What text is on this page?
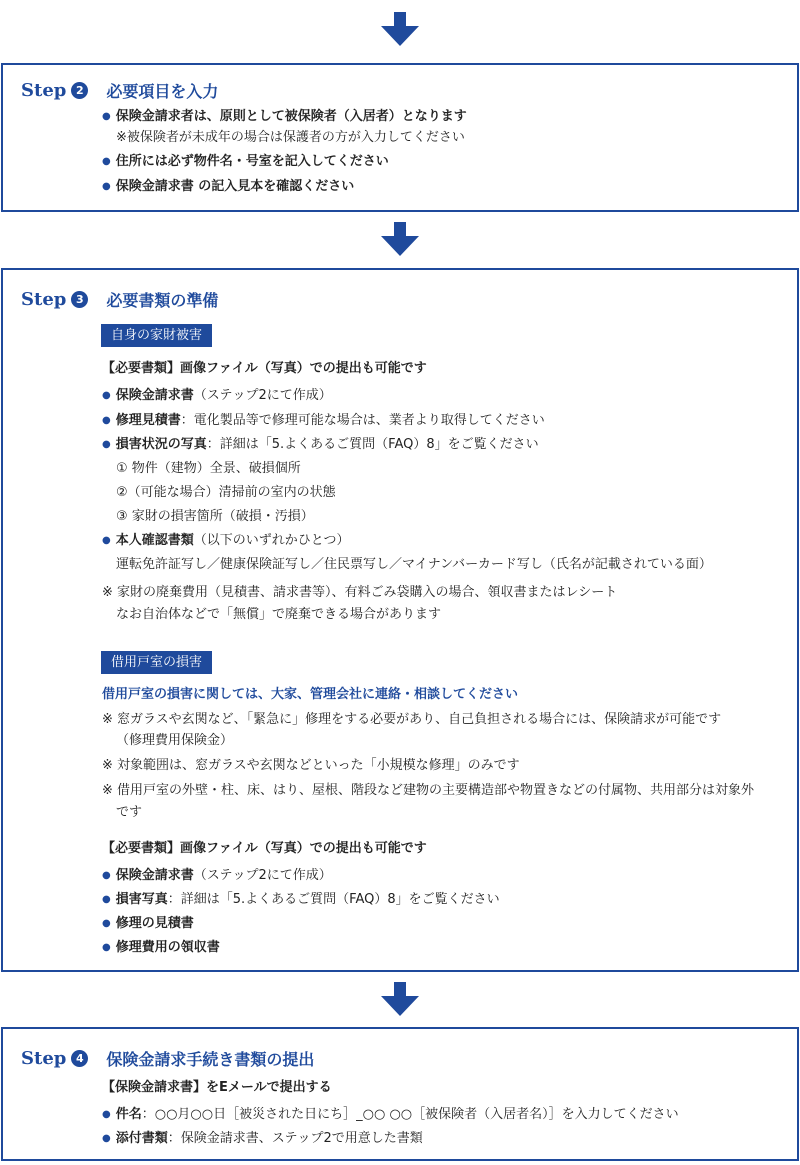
Step 2 必要項目を入力
● 保険金請求者は、原則として被保険者（入居者）となります
※被保険者が未成年の場合は保護者の方が入力してください
● 住所には必ず物件名・号室を記入してください
● 保険金請求書 の記入見本を確認ください
Step 3 必要書類の準備
自身の家財被害
【必要書類】画像ファイル（写真）での提出も可能です
● 保険金請求書（ステップ2にて作成）
● 修理見積書：電化製品等で修理可能な場合は、業者より取得してください
● 損害状況の写真：詳細は「5.よくあるご質問（FAQ）8」をご覧ください
① 物件（建物）全景、破損個所
②（可能な場合）清掃前の室内の状態
③ 家財の損害箇所（破損・汚損）
● 本人確認書類（以下のいずれかひとつ）
運転免許証写し／健康保険証写し／住民票写し／マイナンバーカード写し（氏名が記載されている面）
※ 家財の廃棄費用（見積書、請求書等）、有料ごみ袋購入の場合、領収書またはレシート
なお自治体などで「無償」で廃棄できる場合があります
借用戸室の損害
借用戸室の損害に関しては、大家、管理会社に連絡・相談してください
※ 窓ガラスや玄関など、「緊急に」修理をする必要があり、自己負担される場合には、保険請求が可能です
（修理費用保険金）
※ 対象範囲は、窓ガラスや玄関などといった「小規模な修理」のみです
※ 借用戸室の外壁・柱、床、はり、屋根、階段など建物の主要構造部や物置きなどの付属物、共用部分は対象外
です
【必要書類】画像ファイル（写真）での提出も可能です
● 保険金請求書（ステップ2にて作成）
● 損害写真：詳細は「5.よくあるご質問（FAQ）8」をご覧ください
● 修理の見積書
● 修理費用の領収書
Step 4 保険金請求手続き書類の提出
【保険金請求書】をEメールで提出する
● 件名：○○月○○日［被災された日にち］_○○ ○○［被保険者（入居者名）］を入力してください
● 添付書類：保険金請求書、ステップ2で用意した書類
